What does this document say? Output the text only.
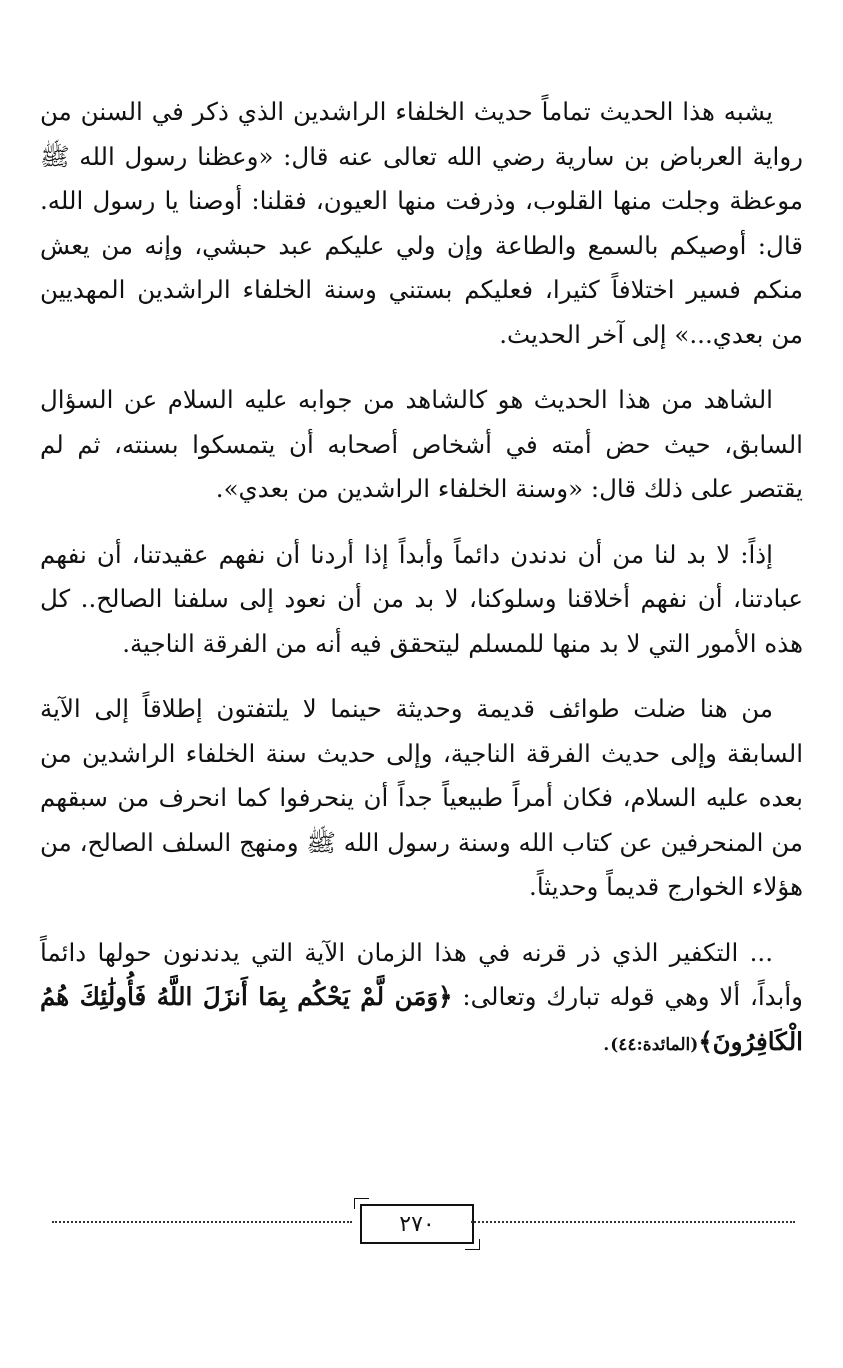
يشبه هذا الحديث تماماً حديث الخلفاء الراشدين الذي ذكر في السنن من رواية العرباض بن سارية رضي الله تعالى عنه قال: «وعظنا رسول الله ﷺ موعظة وجلت منها القلوب، وذرفت منها العيون، فقلنا: أوصنا يا رسول الله. قال: أوصيكم بالسمع والطاعة وإن ولي عليكم عبد حبشي، وإنه من يعش منكم فسير اختلافاً كثيرا، فعليكم بستني وسنة الخلفاء الراشدين المهديين من بعدي...» إلى آخر الحديث.

الشاهد من هذا الحديث هو كالشاهد من جوابه عليه السلام عن السؤال السابق، حيث حض أمته في أشخاص أصحابه أن يتمسكوا بسنته، ثم لم يقتصر على ذلك قال: «وسنة الخلفاء الراشدين من بعدي».

إذاً: لا بد لنا من أن ندندن دائماً وأبداً إذا أردنا أن نفهم عقيدتنا، أن نفهم عبادتنا، أن نفهم أخلاقنا وسلوكنا، لا بد من أن نعود إلى سلفنا الصالح.. كل هذه الأمور التي لا بد منها للمسلم ليتحقق فيه أنه من الفرقة الناجية.

من هنا ضلت طوائف قديمة وحديثة حينما لا يلتفتون إطلاقاً إلى الآية السابقة وإلى حديث الفرقة الناجية، وإلى حديث سنة الخلفاء الراشدين من بعده عليه السلام، فكان أمراً طبيعياً جداً أن ينحرفوا كما انحرف من سبقهم من المنحرفين عن كتاب الله وسنة رسول الله ﷺ ومنهج السلف الصالح، من هؤلاء الخوارج قديماً وحديثاً.

... التكفير الذي ذر قرنه في هذا الزمان الآية التي يدندنون حولها دائماً وأبداً، ألا وهي قوله تبارك وتعالى: ﴿وَمَن لَّمْ يَحْكُم بِمَا أَنزَلَ اللَّهُ فَأُولَٰئِكَ هُمُ الْكَافِرُونَ﴾(المائدة:٤٤).

٢٧٠
